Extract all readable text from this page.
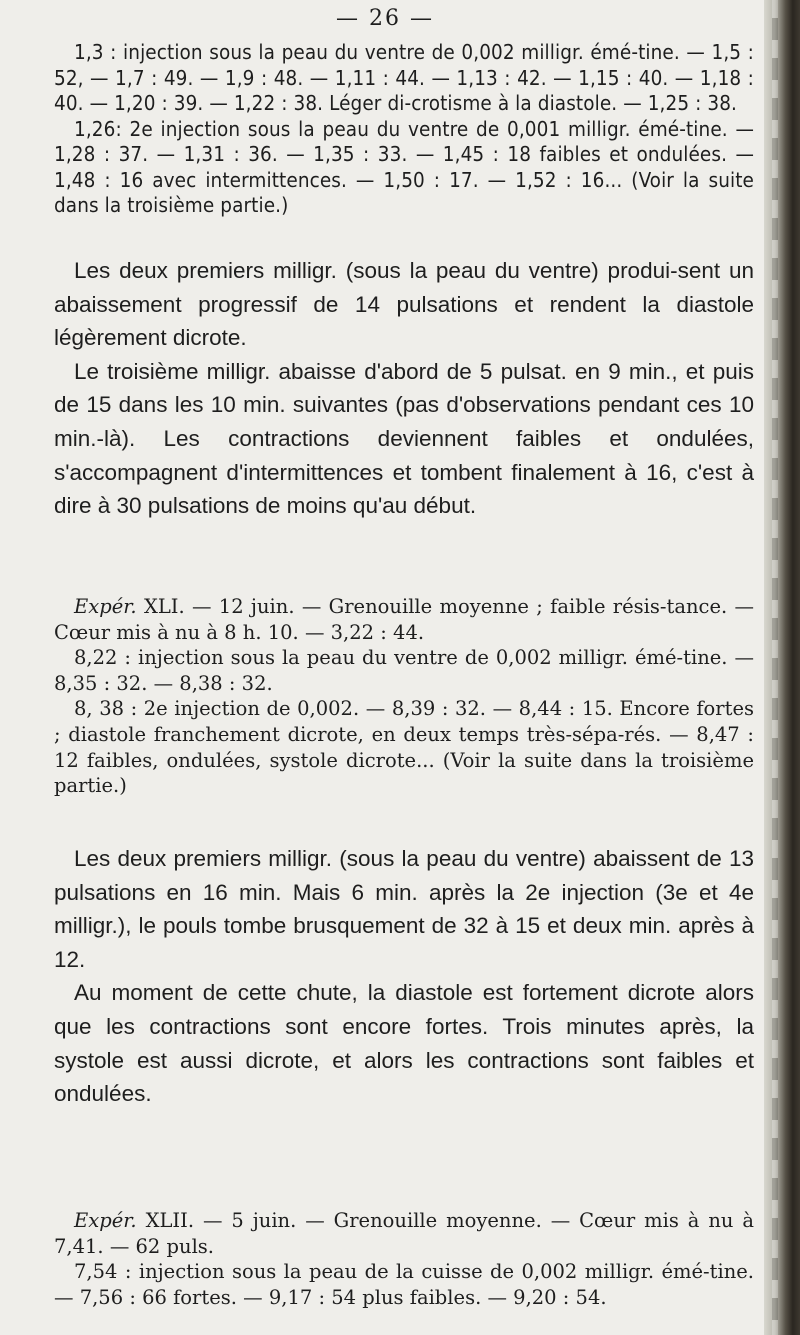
— 26 —

1,3 : injection sous la peau du ventre de 0,002 milligr. émé-tine. — 1,5 : 52, — 1,7 : 49. — 1,9 : 48. — 1,11 : 44. — 1,13 : 42. — 1,15 : 40. — 1,18 : 40. — 1,20 : 39. — 1,22 : 38. Léger di-crotisme à la diastole. — 1,25 : 38.

1,26: 2e injection sous la peau du ventre de 0,001 milligr. émé-tine. — 1,28 : 37. — 1,31 : 36. — 1,35 : 33. — 1,45 : 18 faibles et ondulées. — 1,48 : 16 avec intermittences. — 1,50 : 17. — 1,52 : 16... (Voir la suite dans la troisième partie.)

Les deux premiers milligr. (sous la peau du ventre) produi-sent un abaissement progressif de 14 pulsations et rendent la diastole légèrement dicrote.

Le troisième milligr. abaisse d'abord de 5 pulsat. en 9 min., et puis de 15 dans les 10 min. suivantes (pas d'observations pendant ces 10 min.-là). Les contractions deviennent faibles et ondulées, s'accompagnent d'intermittences et tombent finalement à 16, c'est à dire à 30 pulsations de moins qu'au début.

Expér. XLI. — 12 juin. — Grenouille moyenne ; faible résis-tance. — Cœur mis à nu à 8 h. 10. — 3,22 : 44.

8,22 : injection sous la peau du ventre de 0,002 milligr. émé-tine. — 8,35 : 32. — 8,38 : 32.

8, 38 : 2e injection de 0,002. — 8,39 : 32. — 8,44 : 15. Encore fortes ; diastole franchement dicrote, en deux temps très-sépa-rés. — 8,47 : 12 faibles, ondulées, systole dicrote... (Voir la suite dans la troisième partie.)

Les deux premiers milligr. (sous la peau du ventre) abaissent de 13 pulsations en 16 min. Mais 6 min. après la 2e injection (3e et 4e milligr.), le pouls tombe brusquement de 32 à 15 et deux min. après à 12.

Au moment de cette chute, la diastole est fortement dicrote alors que les contractions sont encore fortes. Trois minutes après, la systole est aussi dicrote, et alors les contractions sont faibles et ondulées.

Expér. XLII. — 5 juin. — Grenouille moyenne. — Cœur mis à nu à 7,41. — 62 puls.

7,54 : injection sous la peau de la cuisse de 0,002 milligr. émé-tine. — 7,56 : 66 fortes. — 9,17 : 54 plus faibles. — 9,20 : 54.
